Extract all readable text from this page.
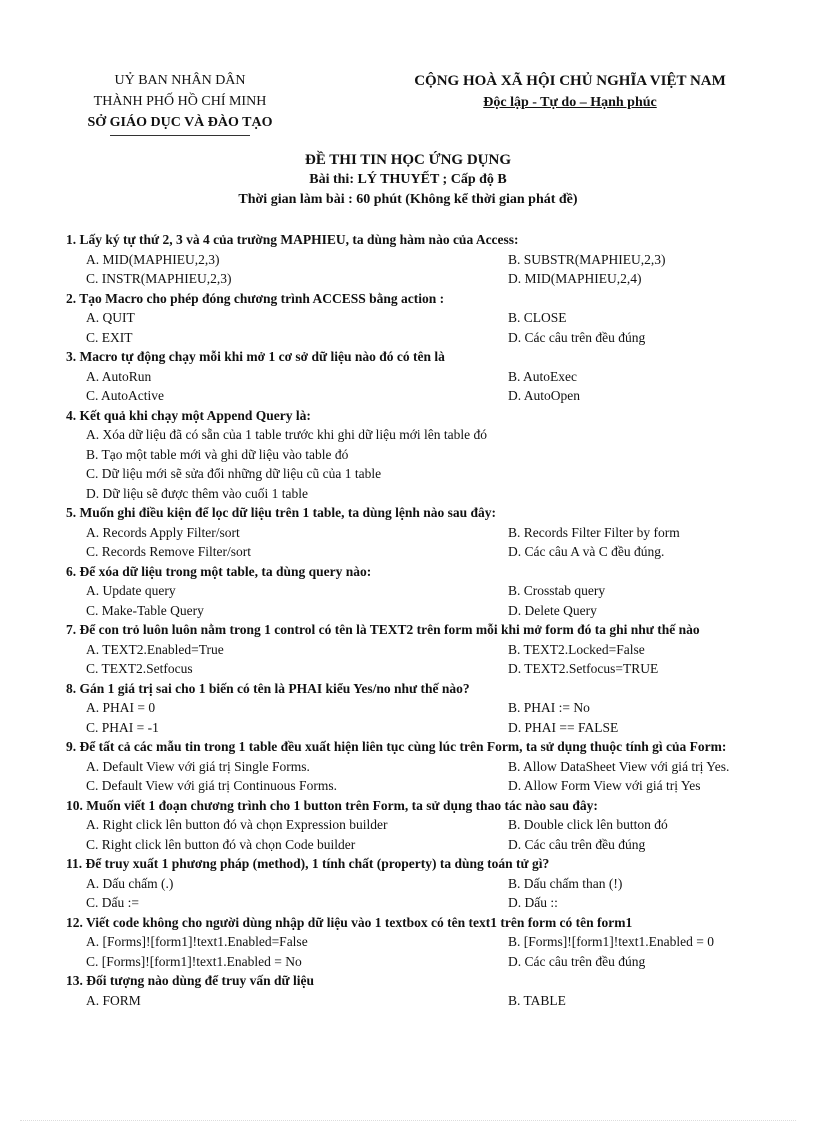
UỶ BAN NHÂN DÂN
THÀNH PHỐ HỒ CHÍ MINH
SỞ GIÁO DỤC VÀ ĐÀO TẠO
CỘNG HOÀ XÃ HỘI CHỦ NGHĨA VIỆT NAM
Độc lập - Tự do – Hạnh phúc
ĐỀ THI TIN HỌC ỨNG DỤNG
Bài thi: LÝ THUYẾT ; Cấp độ B
Thời gian làm bài : 60 phút (Không kể thời gian phát đề)
1. Lấy ký tự thứ 2, 3 và 4 của trường MAPHIEU, ta dùng hàm nào của Access:
A. MID(MAPHIEU,2,3)	B. SUBSTR(MAPHIEU,2,3)
C. INSTR(MAPHIEU,2,3)	D. MID(MAPHIEU,2,4)
2. Tạo Macro cho phép đóng chương trình ACCESS bằng action :
A. QUIT	B. CLOSE
C. EXIT	D. Các câu trên đều đúng
3. Macro tự động chạy mỗi khi mở 1 cơ sở dữ liệu nào đó có tên là
A. AutoRun	B. AutoExec
C. AutoActive	D. AutoOpen
4. Kết quả khi chạy một Append Query là:
A. Xóa dữ liệu đã có sẵn của 1 table trước khi ghi dữ liệu mới lên table đó
B. Tạo một table mới và ghi dữ liệu vào table đó
C. Dữ liệu mới sẽ sửa đổi những dữ liệu cũ của 1 table
D. Dữ liệu sẽ được thêm vào cuối 1 table
5. Muốn ghi điều kiện để lọc dữ liệu trên 1 table, ta dùng lệnh nào sau đây:
A. Records Apply Filter/sort	B. Records Filter Filter by form
C. Records Remove Filter/sort	D. Các câu A và C đều đúng.
6. Để xóa dữ liệu trong một table, ta dùng query nào:
A. Update query	B. Crosstab query
C. Make-Table Query	D. Delete Query
7. Để con trỏ luôn luôn nằm trong 1 control có tên là TEXT2 trên form mỗi khi mở form đó ta ghi như thế nào
A. TEXT2.Enabled=True	B. TEXT2.Locked=False
C. TEXT2.Setfocus	D. TEXT2.Setfocus=TRUE
8. Gán 1 giá trị sai cho 1 biến có tên là PHAI kiểu Yes/no như thế nào?
A. PHAI = 0	B. PHAI := No
C. PHAI = -1	D. PHAI == FALSE
9. Để tất cả các mẫu tin trong 1 table đều xuất hiện liên tục cùng lúc trên Form, ta sử dụng thuộc tính gì của Form:
A. Default View với giá trị Single Forms.	B. Allow DataSheet View với giá trị Yes.
C. Default View với giá trị Continuous Forms.	D. Allow Form View với giá trị Yes
10. Muốn viết 1 đoạn chương trình cho 1 button trên Form, ta sử dụng thao tác nào sau đây:
A. Right click lên button đó và chọn Expression builder	B. Double click lên button đó
C. Right click lên button đó và chọn Code builder	D. Các câu trên đều đúng
11. Để truy xuất 1 phương pháp (method), 1 tính chất (property) ta dùng toán tử gì?
A. Dấu chấm (.)	B. Dấu chấm than (!)
C. Dấu :=	D. Dấu ::
12. Viết code không cho người dùng nhập dữ liệu vào 1 textbox có tên text1 trên form có tên form1
A. [Forms]![form1]!text1.Enabled=False	B. [Forms]![form1]!text1.Enabled = 0
C. [Forms]![form1]!text1.Enabled = No	D. Các câu trên đều đúng
13. Đối tượng nào dùng để truy vấn dữ liệu
A. FORM	B. TABLE
